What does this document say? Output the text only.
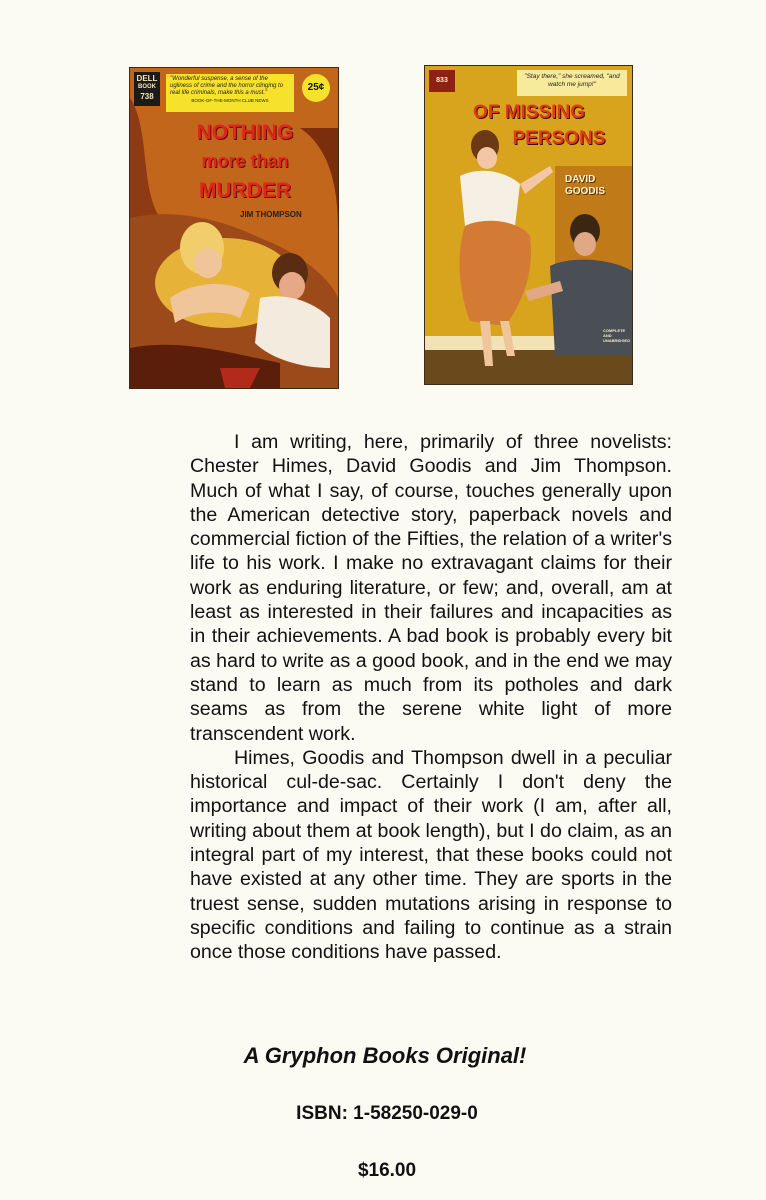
DELL
BOOK
738
"Wonderful suspense, a sense of the ugliness of crime and the horror clinging to real life criminals, make this a must."
BOOK-OF-THE-MONTH CLUB NEWS
25¢
NOTHING
more than
MURDER
JIM THOMPSON
833
"Stay there," she screamed, "and watch me jump!"
OF MISSING
PERSONS
DAVID
GOODIS
COMPLETE AND UNABRIDGED

I am writing, here, primarily of three novelists: Chester Himes, David Goodis and Jim Thompson. Much of what I say, of course, touches generally upon the American detective story, paperback novels and commercial fiction of the Fifties, the relation of a writer's life to his work. I make no extravagant claims for their work as enduring literature, or few; and, overall, am at least as interested in their failures and incapacities as in their achievements. A bad book is probably every bit as hard to write as a good book, and in the end we may stand to learn as much from its potholes and dark seams as from the serene white light of more transcendent work.

Himes, Goodis and Thompson dwell in a peculiar historical cul-de-sac. Certainly I don't deny the importance and impact of their work (I am, after all, writing about them at book length), but I do claim, as an integral part of my interest, that these books could not have existed at any other time. They are sports in the truest sense, sudden mutations arising in response to specific conditions and failing to continue as a strain once those conditions have passed.

A Gryphon Books Original!
ISBN: 1-58250-029-0
$16.00
